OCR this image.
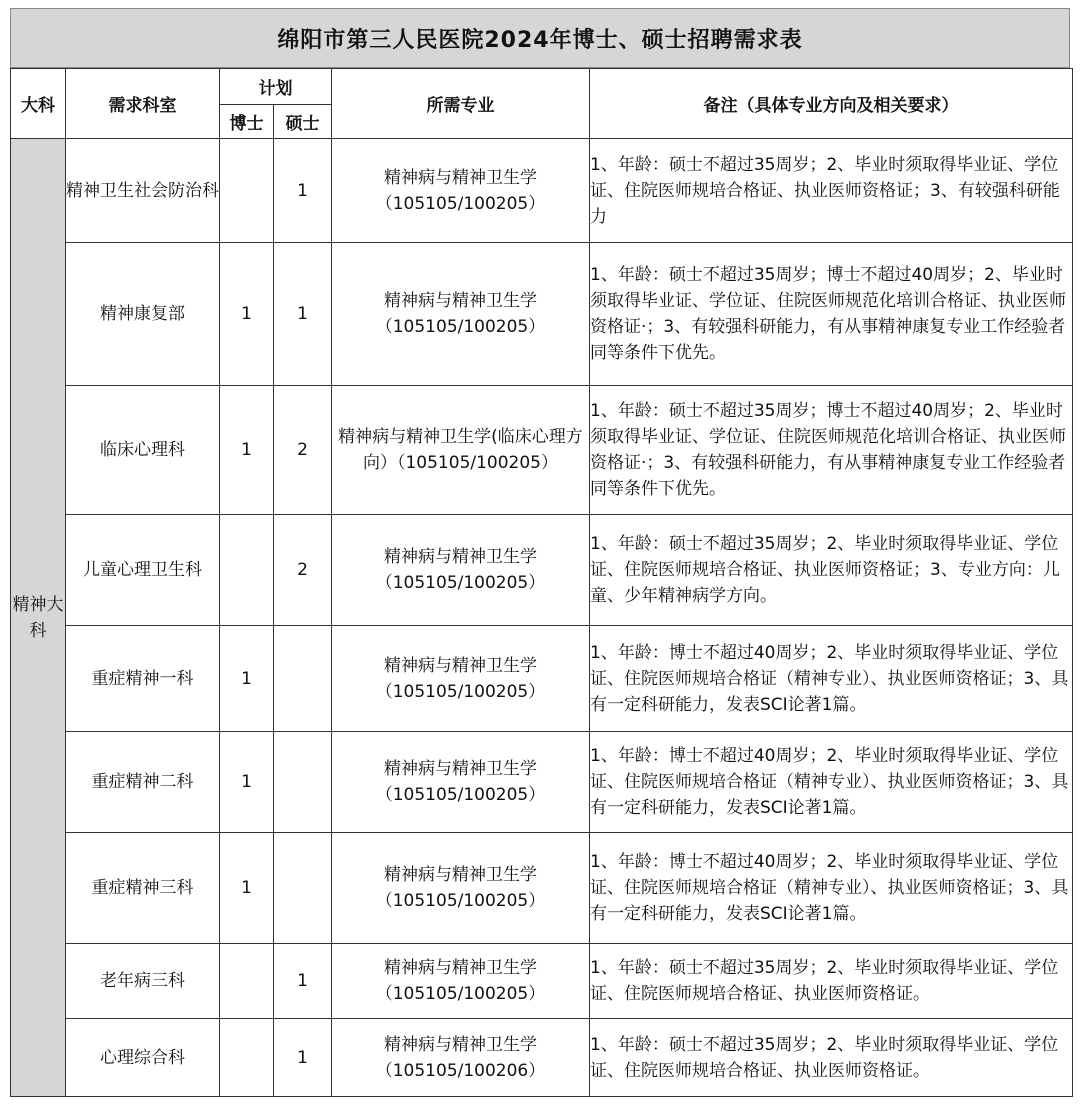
绵阳市第三人民医院2024年博士、硕士招聘需求表
大科	需求科室	计划		所需专业	备注（具体专业方向及相关要求）
		博士	硕士		
精神大科	精神卫生社会防治科		1	精神病与精神卫生学（105105/100205）	1、年龄：硕士不超过35周岁；2、毕业时须取得毕业证、学位证、住院医师规培合格证、执业医师资格证；3、有较强科研能力
	精神康复部	1	1	精神病与精神卫生学（105105/100205）	1、年龄：硕士不超过35周岁；博士不超过40周岁；2、毕业时须取得毕业证、学位证、住院医师规范化培训合格证、执业医师资格证·；3、有较强科研能力，有从事精神康复专业工作经验者同等条件下优先。
	临床心理科	1	2	精神病与精神卫生学(临床心理方向）（105105/100205）	1、年龄：硕士不超过35周岁；博士不超过40周岁；2、毕业时须取得毕业证、学位证、住院医师规范化培训合格证、执业医师资格证·；3、有较强科研能力，有从事精神康复专业工作经验者同等条件下优先。
	儿童心理卫生科		2	精神病与精神卫生学（105105/100205）	1、年龄：硕士不超过35周岁；2、毕业时须取得毕业证、学位证、住院医师规培合格证、执业医师资格证；3、专业方向：儿童、少年精神病学方向。
	重症精神一科	1		精神病与精神卫生学（105105/100205）	1、年龄：博士不超过40周岁；2、毕业时须取得毕业证、学位证、住院医师规培合格证（精神专业）、执业医师资格证；3、具有一定科研能力，发表SCI论著1篇。
	重症精神二科	1		精神病与精神卫生学（105105/100205）	1、年龄：博士不超过40周岁；2、毕业时须取得毕业证、学位证、住院医师规培合格证（精神专业）、执业医师资格证；3、具有一定科研能力，发表SCI论著1篇。
	重症精神三科	1		精神病与精神卫生学（105105/100205）	1、年龄：博士不超过40周岁；2、毕业时须取得毕业证、学位证、住院医师规培合格证（精神专业）、执业医师资格证；3、具有一定科研能力，发表SCI论著1篇。
	老年病三科		1	精神病与精神卫生学（105105/100205）	1、年龄：硕士不超过35周岁；2、毕业时须取得毕业证、学位证、住院医师规培合格证、执业医师资格证。
	心理综合科		1	精神病与精神卫生学（105105/100206）	1、年龄：硕士不超过35周岁；2、毕业时须取得毕业证、学位证、住院医师规培合格证、执业医师资格证。
